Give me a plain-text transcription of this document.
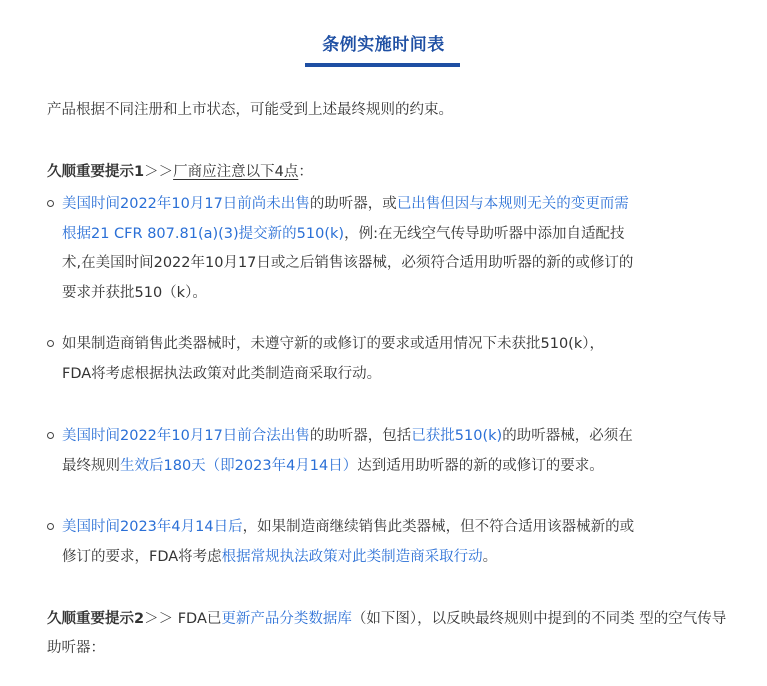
条例实施时间表

产品根据不同注册和上市状态，可能受到上述最终规则的约束。

久顺重要提示1＞＞厂商应注意以下4点：

美国时间2022年10月17日前尚未出售的助听器，或已出售但因与本规则无关的变更而需
根据21 CFR 807.81(a)(3)提交新的510(k)，例:在无线空气传导助听器中添加自适配技
术,在美国时间2022年10月17日或之后销售该器械，必须符合适用助听器的新的或修订的
要求并获批510（k）。
如果制造商销售此类器械时，未遵守新的或修订的要求或适用情况下未获批510(k），
FDA将考虑根据执法政策对此类制造商采取行动。
美国时间2022年10月17日前合法出售的助听器，包括已获批510(k)的助听器械，必须在
最终规则生效后180天（即2023年4月14日）达到适用助听器的新的或修订的要求。
美国时间2023年4月14日后，如果制造商继续销售此类器械，但不符合适用该器械新的或
修订的要求，FDA将考虑根据常规执法政策对此类制造商采取行动。
久顺重要提示2＞＞ FDA已更新产品分类数据库（如下图），以反映最终规则中提到的不同类 型的空气传导助听器：
